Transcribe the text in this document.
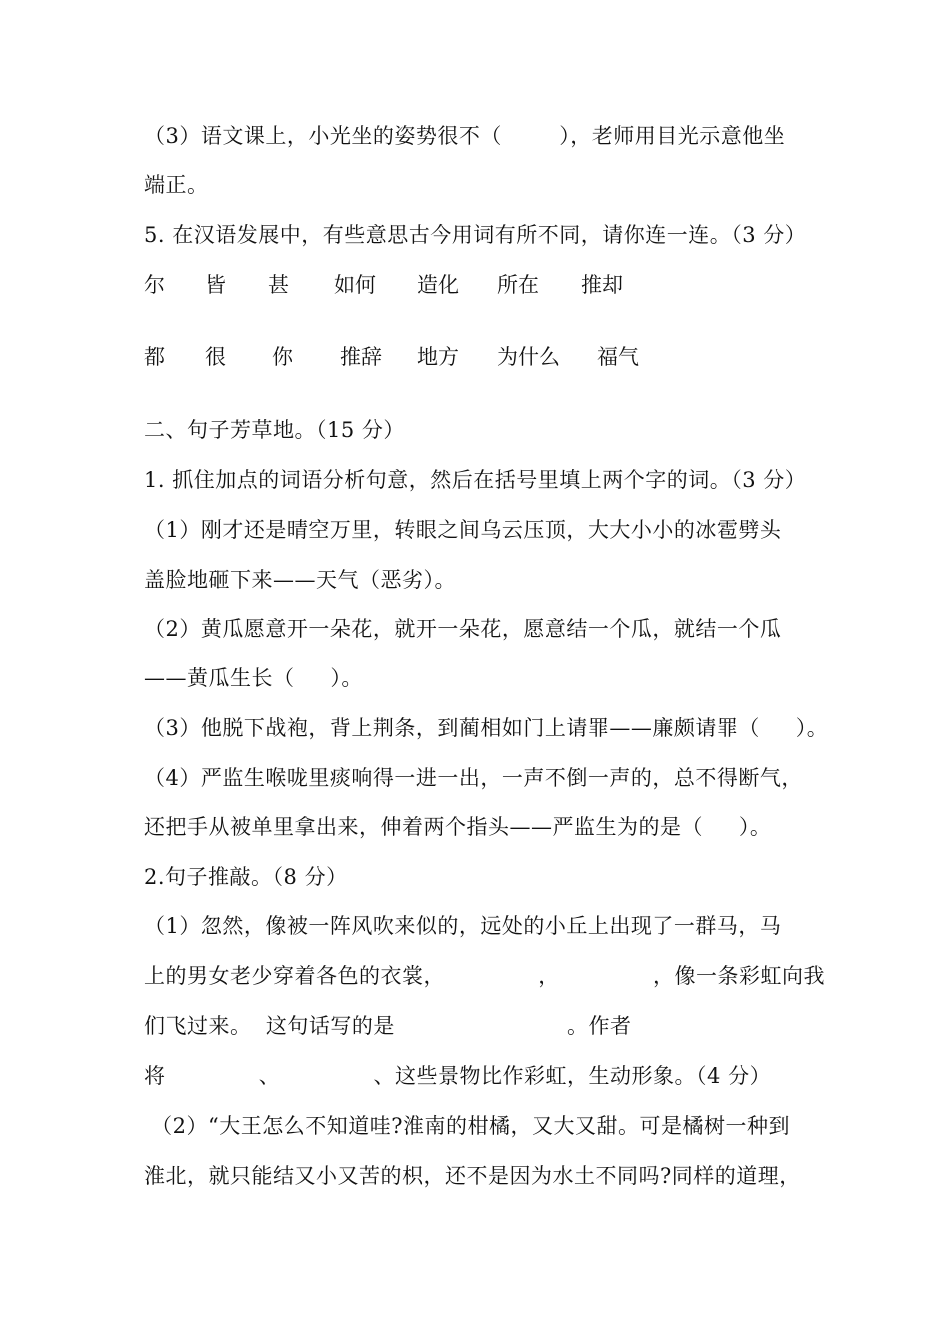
（3）语文课上，小光坐的姿势很不（        ），老师用目光示意他坐
端正。
5. 在汉语发展中，有些意思古今用词有所不同，请你连一连。（3 分）
尔 皆 甚 如何 造化 所在 推却
都 很 你 推辞 地方 为什么 福气
二、句子芳草地。（15 分）
1. 抓住加点的词语分析句意，然后在括号里填上两个字的词。（3 分）
（1）刚才还是晴空万里，转眼之间乌云压顶，大大小小的冰雹劈头
盖脸地砸下来——天气（恶劣）。
（2）黄瓜愿意开一朵花，就开一朵花，愿意结一个瓜，就结一个瓜
——黄瓜生长（     ）。
（3）他脱下战袍，背上荆条，到蔺相如门上请罪——廉颇请罪（     ）。
（4）严监生喉咙里痰响得一进一出，一声不倒一声的，总不得断气，
还把手从被单里拿出来，伸着两个指头——严监生为的是（     ）。
2.句子推敲。（8 分）
（1）忽然，像被一阵风吹来似的，远处的小丘上出现了一群马，马
上的男女老少穿着各色的衣裳，             ，             ，像一条彩虹向我
们飞过来。  这句话写的是                        。作者
将             、             、这些景物比作彩虹，生动形象。（4 分）
（2）“大王怎么不知道哇?淮南的柑橘，又大又甜。可是橘树一种到
淮北，就只能结又小又苦的枳，还不是因为水土不同吗?同样的道理，
